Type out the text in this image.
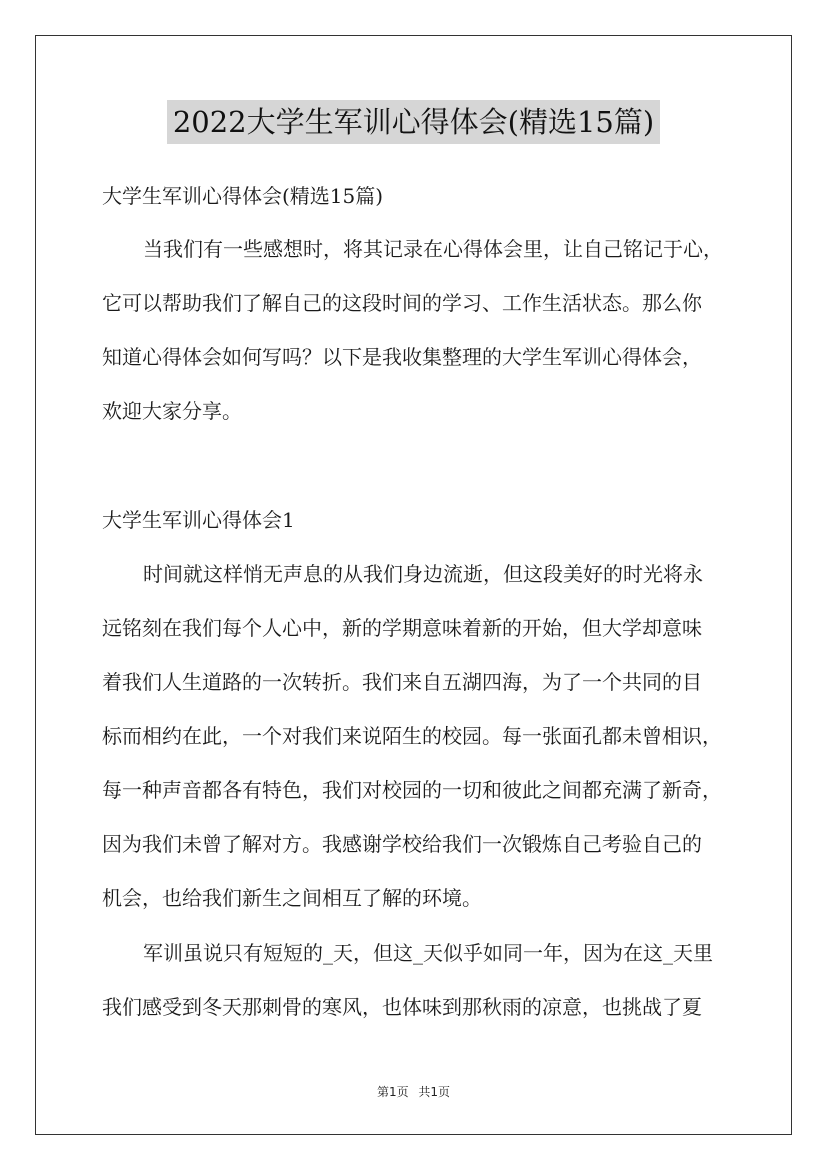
2022大学生军训心得体会(精选15篇)
大学生军训心得体会(精选15篇)
当我们有一些感想时，将其记录在心得体会里，让自己铭记于心，
它可以帮助我们了解自己的这段时间的学习、工作生活状态。那么你
知道心得体会如何写吗？以下是我收集整理的大学生军训心得体会，
欢迎大家分享。
大学生军训心得体会1
时间就这样悄无声息的从我们身边流逝，但这段美好的时光将永
远铭刻在我们每个人心中，新的学期意味着新的开始，但大学却意味
着我们人生道路的一次转折。我们来自五湖四海，为了一个共同的目
标而相约在此，一个对我们来说陌生的校园。每一张面孔都未曾相识，
每一种声音都各有特色，我们对校园的一切和彼此之间都充满了新奇，
因为我们未曾了解对方。我感谢学校给我们一次锻炼自己考验自己的
机会，也给我们新生之间相互了解的环境。
军训虽说只有短短的_天，但这_天似乎如同一年，因为在这_天里
我们感受到冬天那刺骨的寒风，也体味到那秋雨的凉意，也挑战了夏
第1页 共1页
